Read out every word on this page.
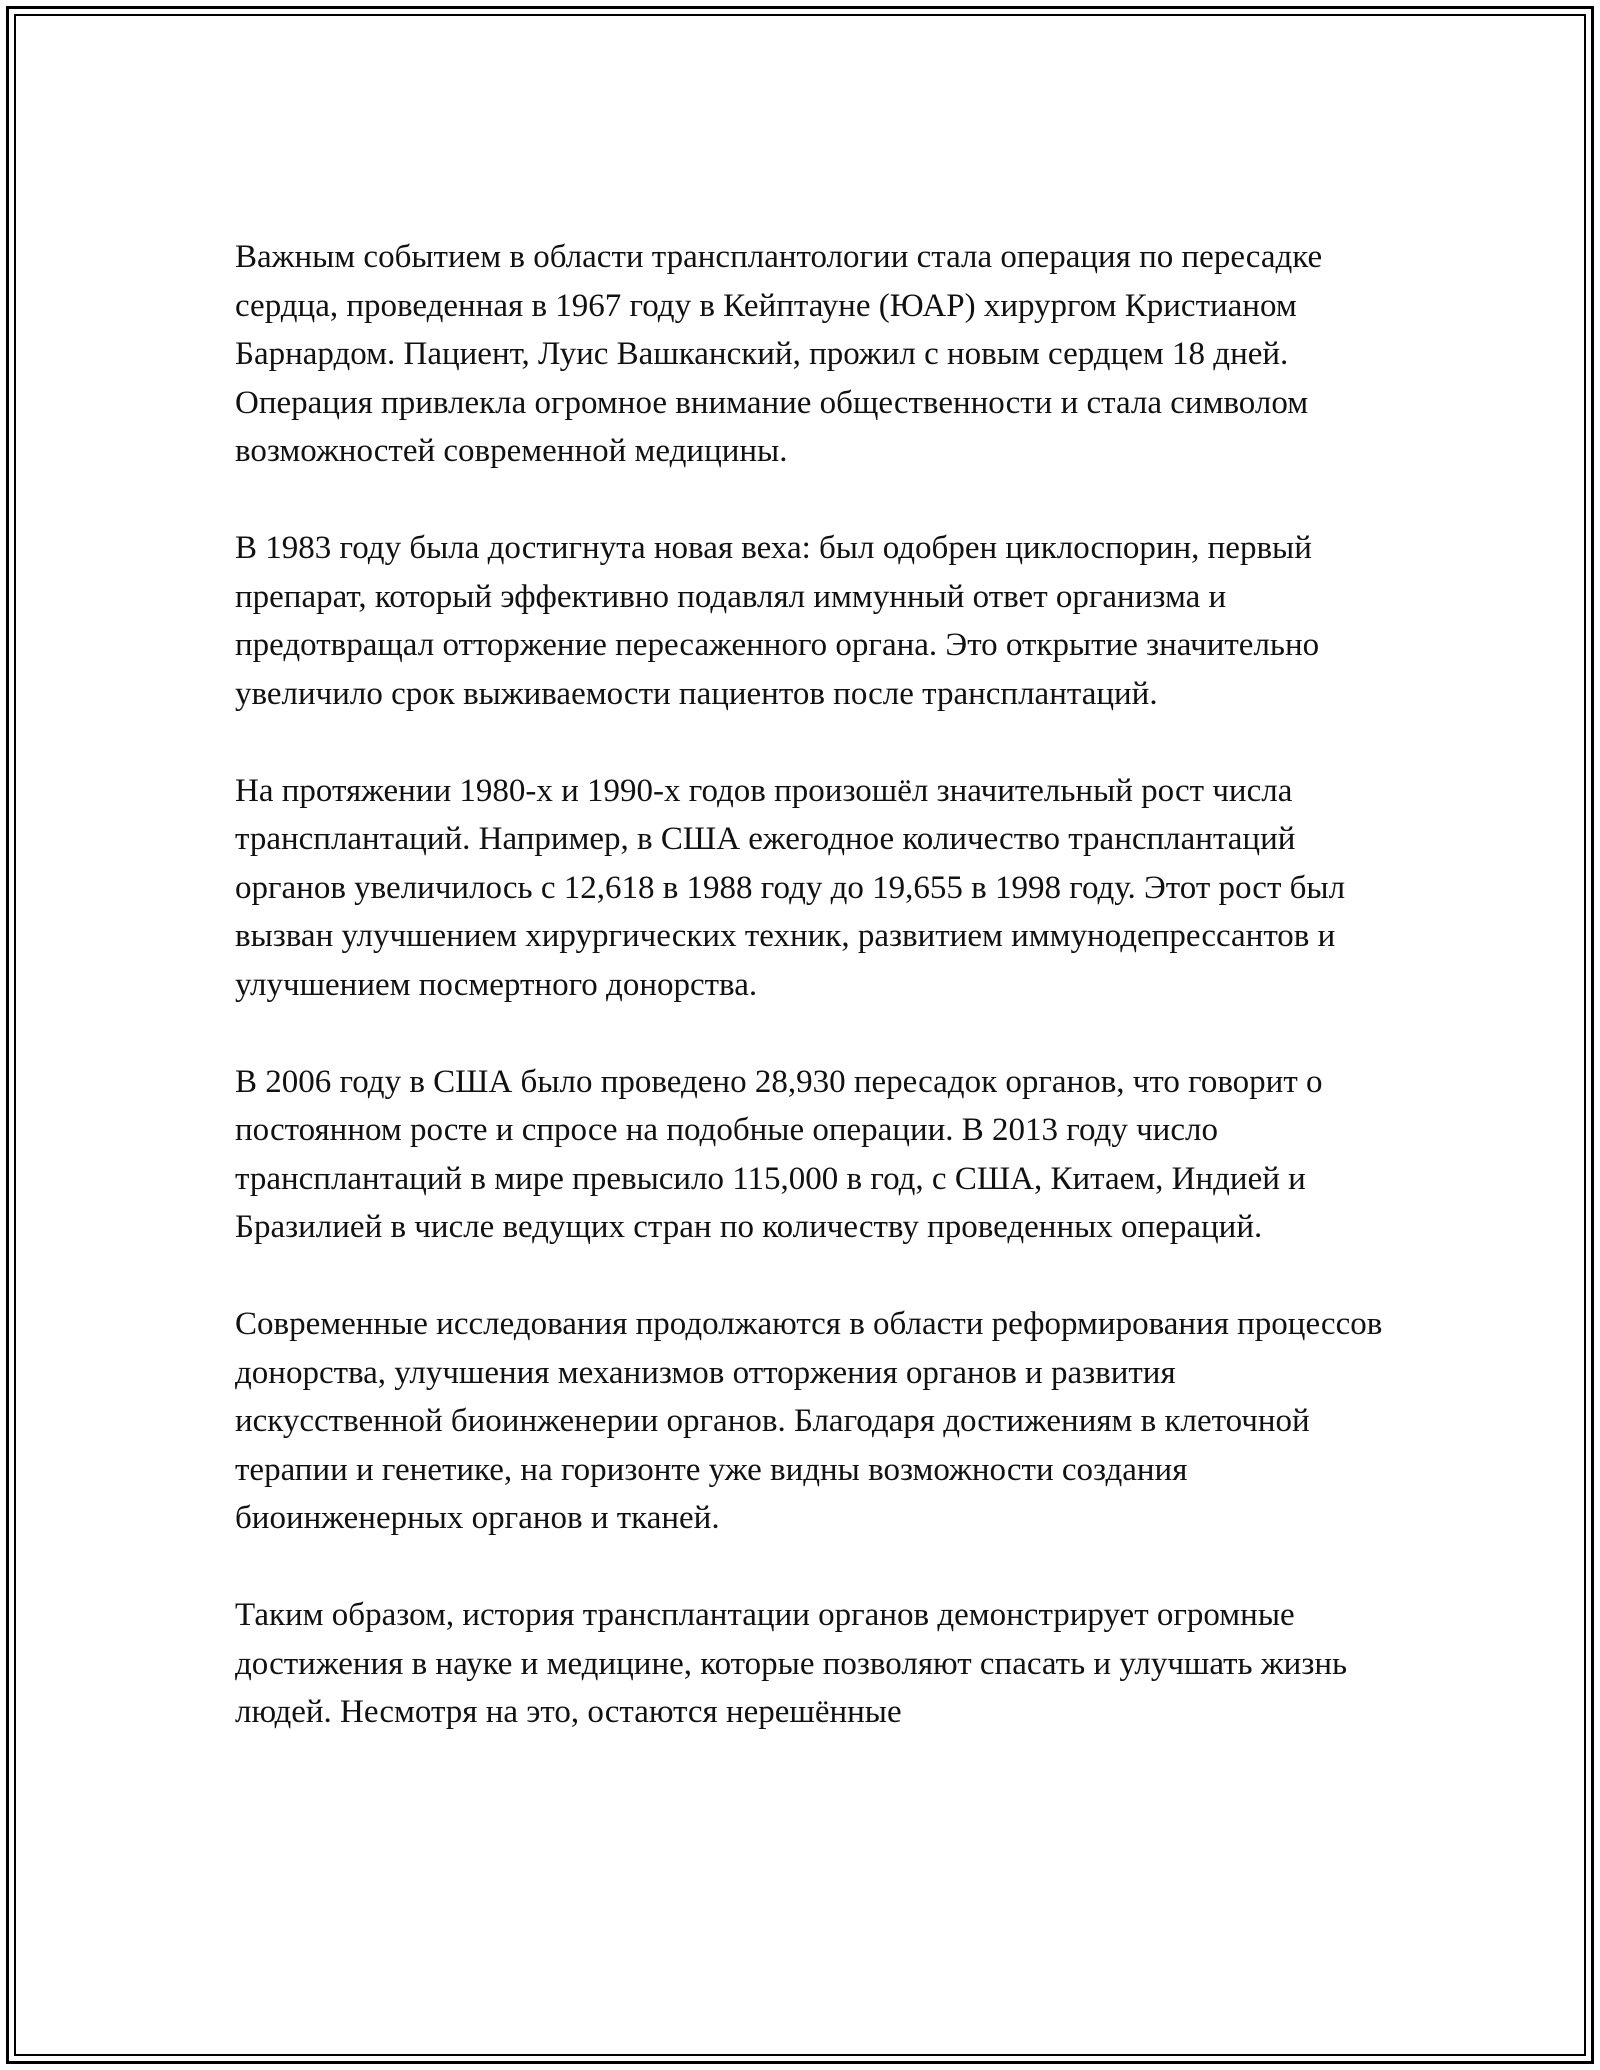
Важным событием в области трансплантологии стала операция по пересадке сердца, проведенная в 1967 году в Кейптауне (ЮАР) хирургом Кристианом Барнардом. Пациент, Луис Вашканский, прожил с новым сердцем 18 дней. Операция привлекла огромное внимание общественности и стала символом возможностей современной медицины.

В 1983 году была достигнута новая веха: был одобрен циклоспорин, первый препарат, который эффективно подавлял иммунный ответ организма и предотвращал отторжение пересаженного органа. Это открытие значительно увеличило срок выживаемости пациентов после трансплантаций.

На протяжении 1980-х и 1990-х годов произошёл значительный рост числа трансплантаций. Например, в США ежегодное количество трансплантаций органов увеличилось с 12,618 в 1988 году до 19,655 в 1998 году. Этот рост был вызван улучшением хирургических техник, развитием иммунодепрессантов и улучшением посмертного донорства.

В 2006 году в США было проведено 28,930 пересадок органов, что говорит о постоянном росте и спросе на подобные операции. В 2013 году число трансплантаций в мире превысило 115,000 в год, с США, Китаем, Индией и Бразилией в числе ведущих стран по количеству проведенных операций.

Современные исследования продолжаются в области реформирования процессов донорства, улучшения механизмов отторжения органов и развития искусственной биоинженерии органов. Благодаря достижениям в клеточной терапии и генетике, на горизонте уже видны возможности создания биоинженерных органов и тканей.

Таким образом, история трансплантации органов демонстрирует огромные достижения в науке и медицине, которые позволяют спасать и улучшать жизнь людей. Несмотря на это, остаются нерешённые
